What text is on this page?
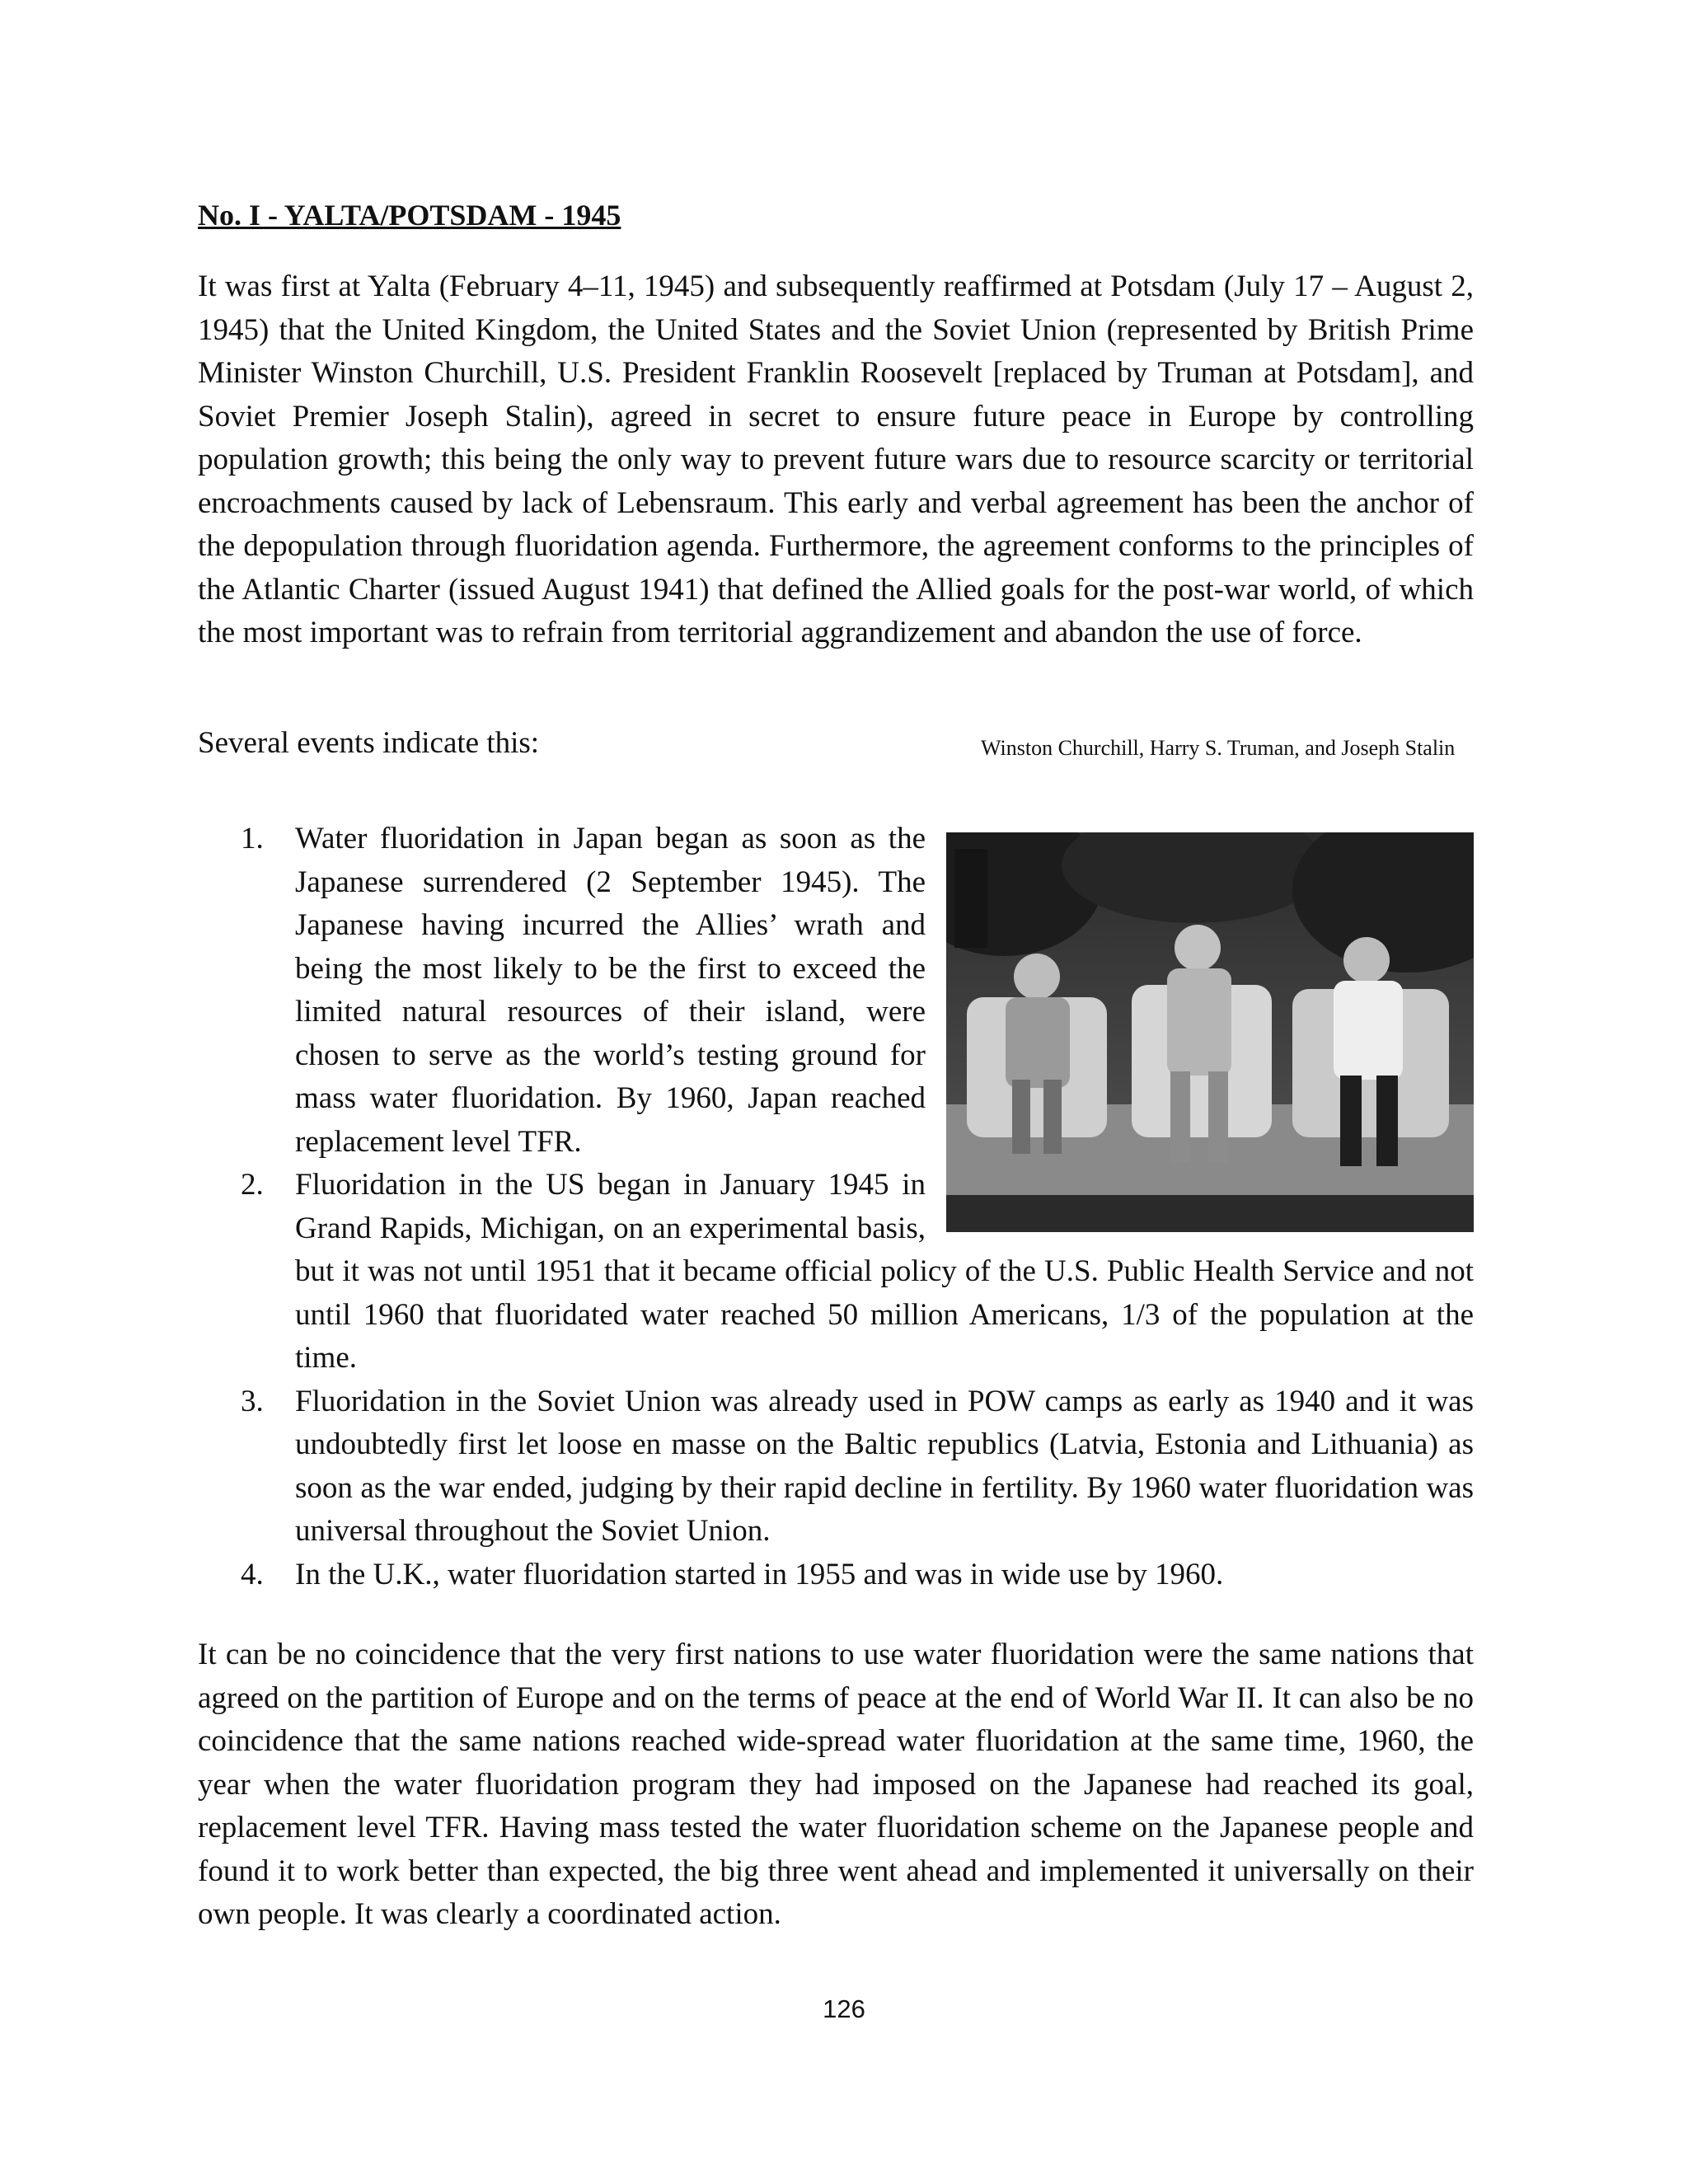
No. I - YALTA/POTSDAM - 1945

It was first at Yalta (February 4–11, 1945) and subsequently reaffirmed at Potsdam (July 17 – August 2, 1945) that the United Kingdom, the United States and the Soviet Union (represented by British Prime Minister Winston Churchill, U.S. President Franklin Roosevelt [replaced by Truman at Potsdam], and Soviet Premier Joseph Stalin), agreed in secret to ensure future peace in Europe by controlling population growth; this being the only way to prevent future wars due to resource scarcity or territorial encroachments caused by lack of Lebensraum. This early and verbal agreement has been the anchor of the depopulation through fluoridation agenda. Furthermore, the agreement conforms to the principles of the Atlantic Charter (issued August 1941) that defined the Allied goals for the post-war world, of which the most important was to refrain from territorial aggrandizement and abandon the use of force.

Several events indicate this:	Winston Churchill, Harry S. Truman, and Joseph Stalin

1. Water fluoridation in Japan began as soon as the Japanese surrendered (2 September 1945). The Japanese having incurred the Allies’ wrath and being the most likely to be the first to exceed the limited natural resources of their island, were chosen to serve as the world’s testing ground for mass water fluoridation. By 1960, Japan reached replacement level TFR.
2. Fluoridation in the US began in January 1945 in Grand Rapids, Michigan, on an experimental basis, but it was not until 1951 that it became official policy of the U.S. Public Health Service and not until 1960 that fluoridated water reached 50 million Americans, 1/3 of the population at the time.
3. Fluoridation in the Soviet Union was already used in POW camps as early as 1940 and it was undoubtedly first let loose en masse on the Baltic republics (Latvia, Estonia and Lithuania) as soon as the war ended, judging by their rapid decline in fertility. By 1960 water fluoridation was universal throughout the Soviet Union.
4. In the U.K., water fluoridation started in 1955 and was in wide use by 1960.

It can be no coincidence that the very first nations to use water fluoridation were the same nations that agreed on the partition of Europe and on the terms of peace at the end of World War II. It can also be no coincidence that the same nations reached wide-spread water fluoridation at the same time, 1960, the year when the water fluoridation program they had imposed on the Japanese had reached its goal, replacement level TFR. Having mass tested the water fluoridation scheme on the Japanese people and found it to work better than expected, the big three went ahead and implemented it universally on their own people. It was clearly a coordinated action.

126
